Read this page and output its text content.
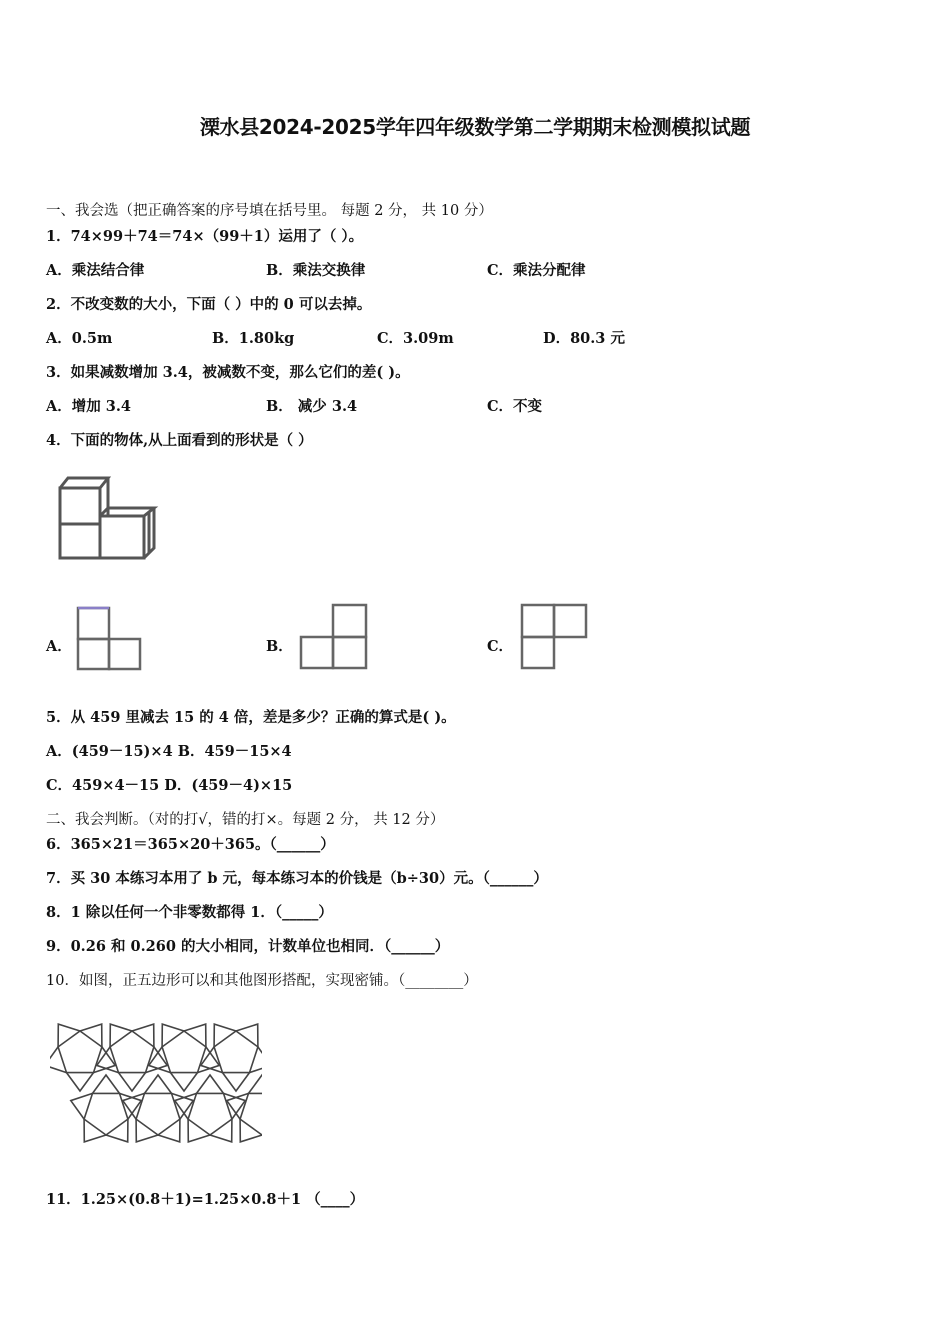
溧水县2024-2025学年四年级数学第二学期期末检测模拟试题
一、我会选（把正确答案的序号填在括号里。 每题 2 分， 共 10 分）
1．74×99＋74＝74×（99＋1）运用了（ ）。
A．乘法结合律	B．乘法交换律	C．乘法分配律
2．不改变数的大小，下面（ ）中的 0 可以去掉。
A．0.5m	B．1.80kg	C．3.09m	D．80.3 元
3．如果减数增加 3.4，被减数不变，那么它们的差( )。
A．增加 3.4	B． 减少 3.4	C．不变
4．下面的物体,从上面看到的形状是（ ）
A．	B．	C．
5．从 459 里减去 15 的 4 倍，差是多少？正确的算式是( )。
A．(459－15)×4 B．459－15×4
C．459×4－15 D．(459－4)×15
二、我会判断。（对的打√，错的打×。每题 2 分， 共 12 分）
6．365×21＝365×20＋365。（______）
7．买 30 本练习本用了 b 元，每本练习本的价钱是（b÷30）元。（______）
8．1 除以任何一个非零数都得 1．（_____）
9．0.26 和 0.260 的大小相同，计数单位也相同．（______）
10．如图，正五边形可以和其他图形搭配，实现密铺。（________）
11．1.25×(0.8＋1)=1.25×0.8＋1 （____）
